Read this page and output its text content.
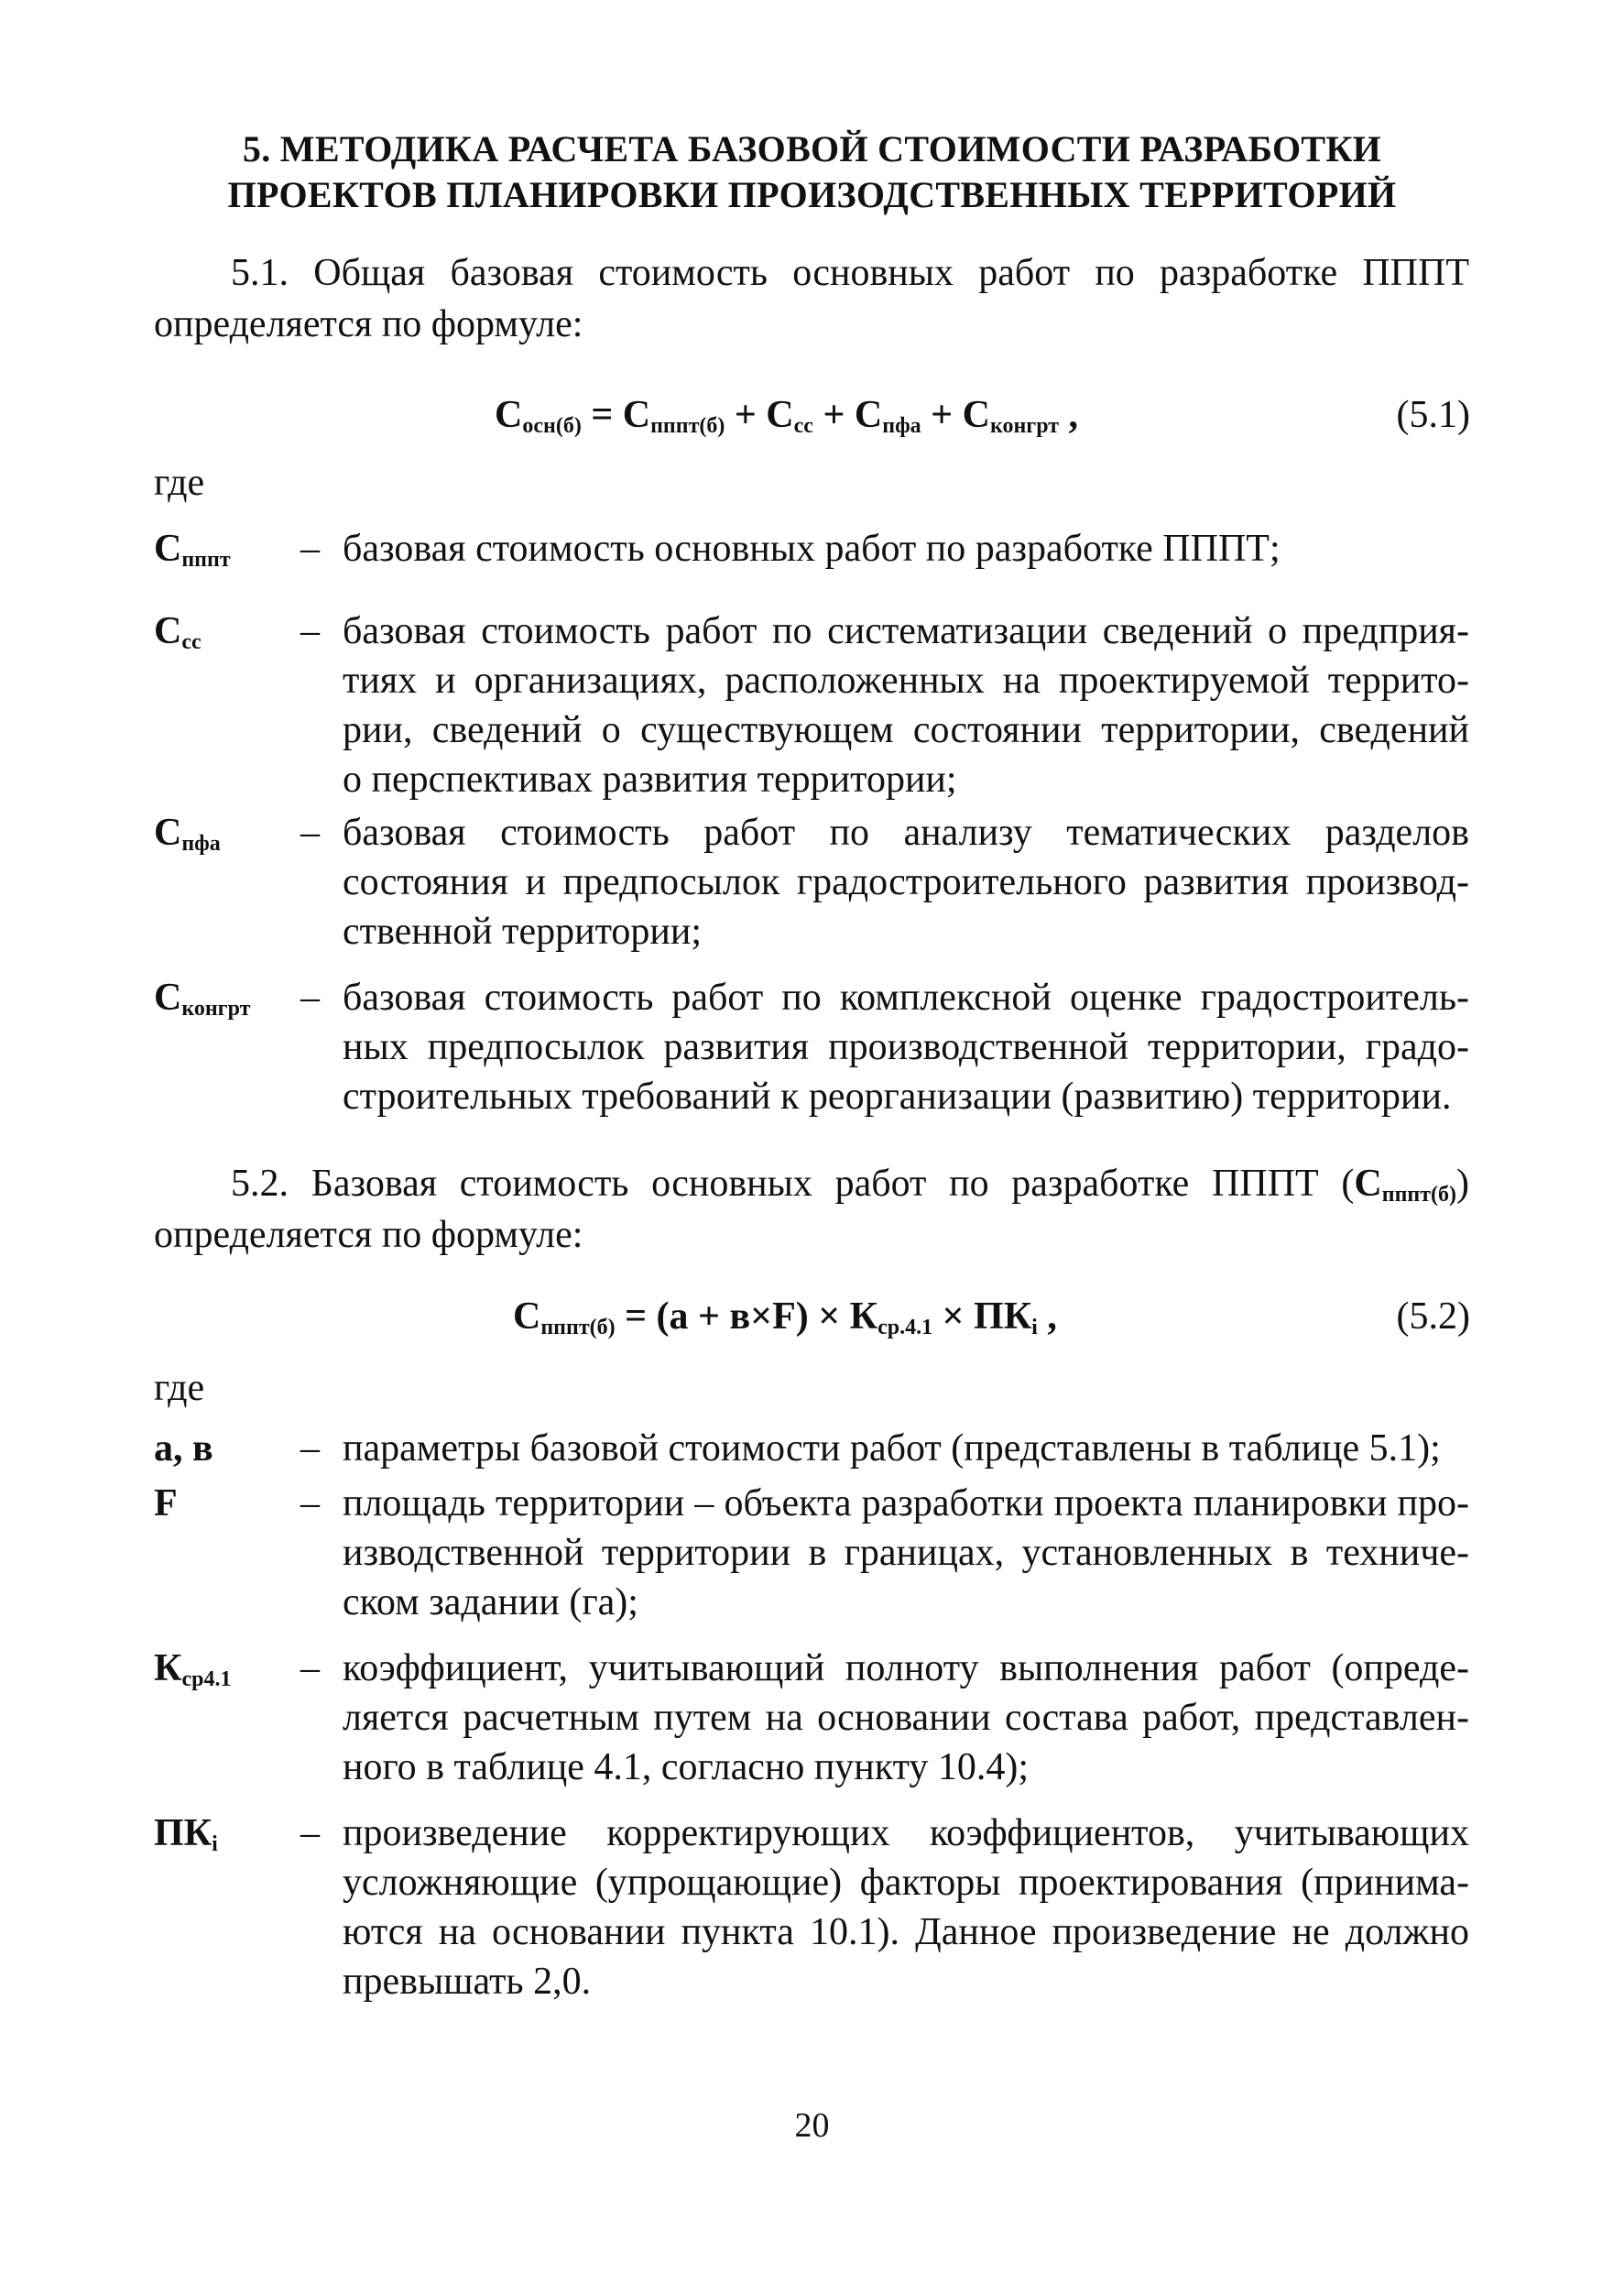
5. МЕТОДИКА РАСЧЕТА БАЗОВОЙ СТОИМОСТИ РАЗРАБОТКИ
ПРОЕКТОВ ПЛАНИРОВКИ ПРОИЗОДСТВЕННЫХ ТЕРРИТОРИЙ
5.1. Общая базовая стоимость основных работ по разработке ПППТ
определяется по формуле:
$С_{осн(б)} = С_{пппт(б)} + С_{сс} + С_{пфа} + С_{конгрт}$ ,	(5.1)
где
$С_{пппт}$ – базовая стоимость основных работ по разработке ПППТ;
$С_{сс}$	– базовая стоимость работ по систематизации сведений о предприя-
тиях и организациях, расположенных на проектируемой террито-
рии, сведений о существующем состоянии территории, сведений
о перспективах развития территории;
$С_{пфа}$ – базовая стоимость работ по анализу тематических разделов
состояния и предпосылок градостроительного развития производ-
ственной территории;
$С_{конгрт}$ – базовая стоимость работ по комплексной оценке градостроитель-
ных предпосылок развития производственной территории, градо-
строительных требований к реорганизации (развитию) территории.
5.2. Базовая стоимость основных работ по разработке ПППТ $(С_{пппт(б)})$
определяется по формуле:
$С_{пппт(б)} = (а + в\times F) \times К_{ср.4.1} \times ПК_i$ ,	(5.2)
где
а, в – параметры базовой стоимости работ (представлены в таблице 5.1);
F	– площадь территории – объекта разработки проекта планировки про-
изводственной территории в границах, установленных в техниче-
ском задании (га);
$К_{ср4.1}$ – коэффициент, учитывающий полноту выполнения работ (опреде-
ляется расчетным путем на основании состава работ, представлен-
ного в таблице 4.1, согласно пункту 10.4);
$ПК_i$ – произведение корректирующих коэффициентов, учитывающих
усложняющие (упрощающие) факторы проектирования (принима-
ются на основании пункта 10.1). Данное произведение не должно
превышать 2,0.
20
